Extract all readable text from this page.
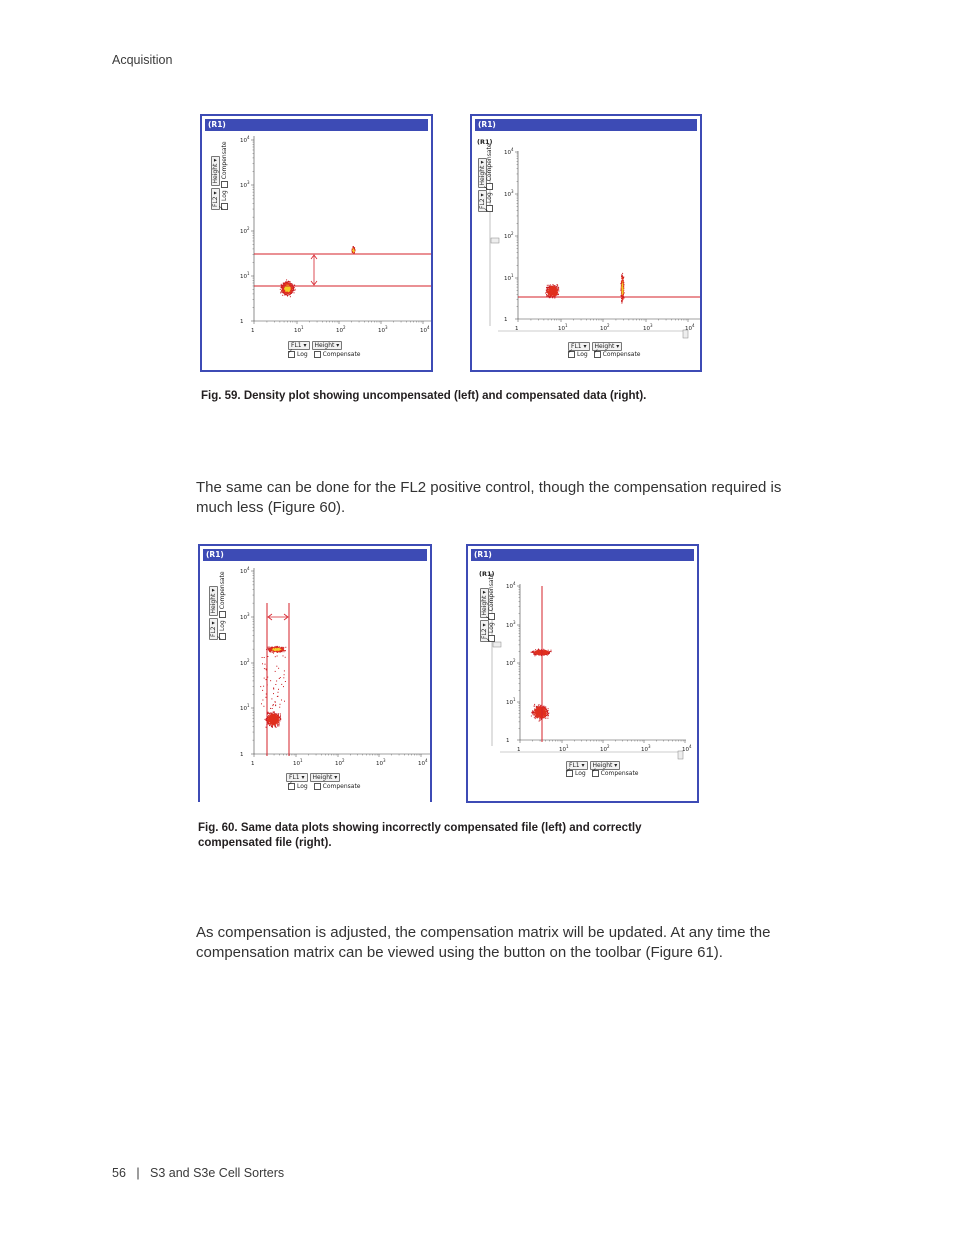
Acquisition
(R1)
FL2 ▾
Height ▾
✓
Log
Compensate
FL1 ▾	Height ▾
✓
Log
Compensate
1
$10^1$
$10^2$
$10^3$
$10^4$
1	$10^1$
$10^2$
$10^3$
$10^4$
(R1)
(R1)
FL2 ▾
Height ▾
✓
Log
✓
Compensate
FL1 ▾	Height ▾
✓
Log
✓ Compensate
1
$10^1$
$10^2$
$10^3$
$10^4$
1	$10^1$
$10^2$
$10^3$
$10^4$
Fig. 59. Density plot showing uncompensated (left) and compensated data (right).
The same can be done for the FL2 positive control, though the compensation required is much less (Figure 60).
(R1)
FL2 ▾
Height ▾
✓
Log
Compensate
FL1 ▾	Height ▾
✓
Log
Compensate
1
$10^1$
$10^2$
$10^3$
$10^4$
1	$10^1$
$10^2$
$10^3$
$10^4$
(R1)
(R1)
FL2 ▾
Height ▾
✓
Log
✓
Compensate
FL1 ▾	Height ▾
✓
Log
✓ Compensate
1
$10^1$
$10^2$
$10^3$
$10^4$
1	$10^1$
$10^2$
$10^3$
$10^4$
Fig. 60. Same data plots showing incorrectly compensated file (left) and correctly
compensated file (right).
As compensation is adjusted, the compensation matrix will be updated. At any time the compensation matrix can be viewed using the button on the toolbar (Figure 61).
56 | S3 and S3e Cell Sorters
